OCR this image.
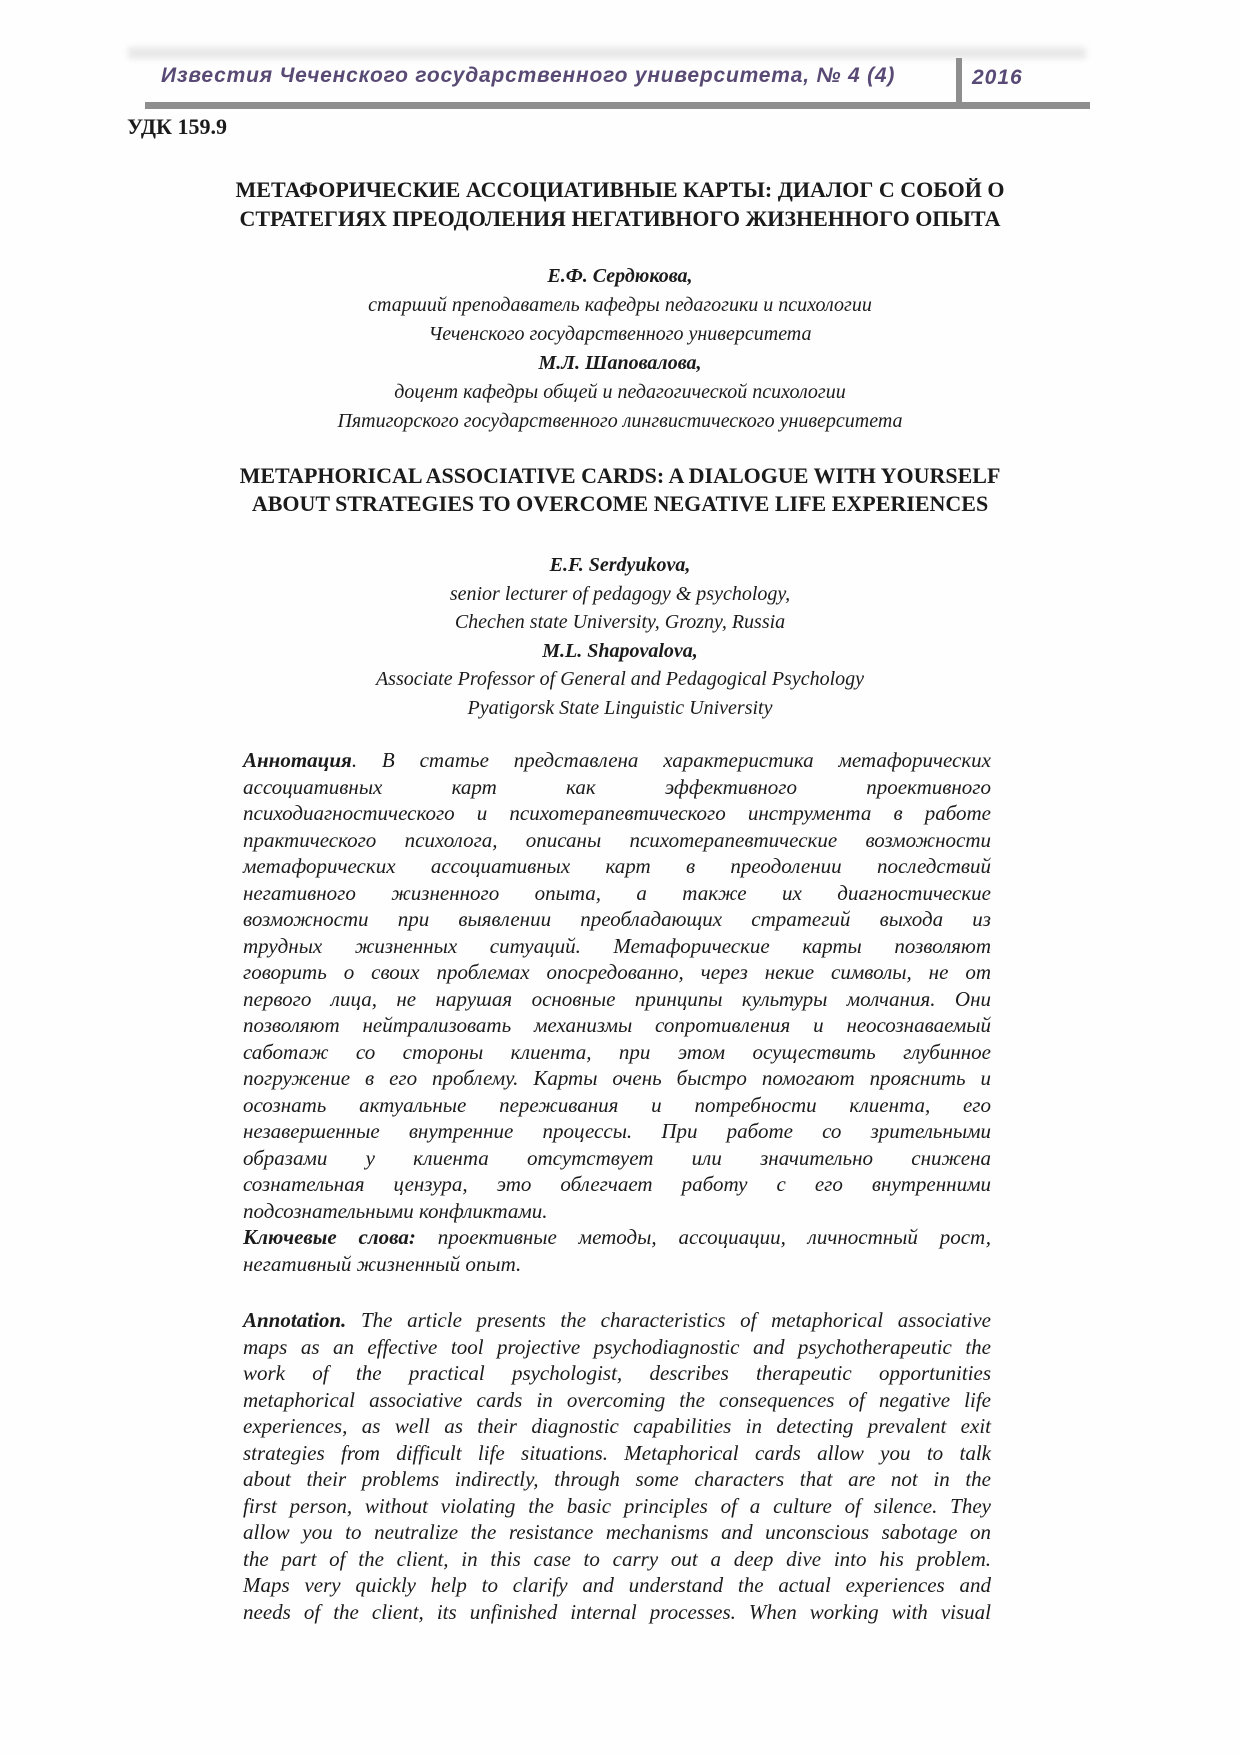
Известия Чеченского государственного университета, № 4 (4)	2016
УДК 159.9
МЕТАФОРИЧЕСКИЕ АССОЦИАТИВНЫЕ КАРТЫ: ДИАЛОГ С СОБОЙ О
СТРАТЕГИЯХ ПРЕОДОЛЕНИЯ НЕГАТИВНОГО ЖИЗНЕННОГО ОПЫТА
Е.Ф. Сердюкова,
старший преподаватель кафедры педагогики и психологии
Чеченского государственного университета
М.Л. Шаповалова,
доцент кафедры общей и педагогической психологии
Пятигорского государственного лингвистического университета
METAPHORICAL ASSOCIATIVE CARDS: A DIALOGUE WITH YOURSELF
ABOUT STRATEGIES TO OVERCOME NEGATIVE LIFE EXPERIENCES
E.F. Serdyukova,
senior lecturer of pedagogy & psychology,
Chechen state University, Grozny, Russia
M.L. Shapovalova,
Associate Professor of General and Pedagogical Psychology
Pyatigorsk State Linguistic University
Аннотация. В статье представлена характеристика метафорических
ассоциативных карт как эффективного проективного
психодиагностического и психотерапевтического инструмента в работе
практического психолога, описаны психотерапевтические возможности
метафорических ассоциативных карт в преодолении последствий
негативного жизненного опыта, а также их диагностические
возможности при выявлении преобладающих стратегий выхода из
трудных жизненных ситуаций. Метафорические карты позволяют
говорить о своих проблемах опосредованно, через некие символы, не от
первого лица, не нарушая основные принципы культуры молчания. Они
позволяют нейтрализовать механизмы сопротивления и неосознаваемый
саботаж со стороны клиента, при этом осуществить глубинное
погружение в его проблему. Карты очень быстро помогают прояснить и
осознать актуальные переживания и потребности клиента, его
незавершенные внутренние процессы. При работе со зрительными
образами у клиента отсутствует или значительно снижена
сознательная цензура, это облегчает работу с его внутренними
подсознательными конфликтами.
Ключевые слова: проективные методы, ассоциации, личностный рост,
негативный жизненный опыт.
Annotation. The article presents the characteristics of metaphorical associative
maps as an effective tool projective psychodiagnostic and psychotherapeutic the
work of the practical psychologist, describes therapeutic opportunities
metaphorical associative cards in overcoming the consequences of negative life
experiences, as well as their diagnostic capabilities in detecting prevalent exit
strategies from difficult life situations. Metaphorical cards allow you to talk
about their problems indirectly, through some characters that are not in the
first person, without violating the basic principles of a culture of silence. They
allow you to neutralize the resistance mechanisms and unconscious sabotage on
the part of the client, in this case to carry out a deep dive into his problem.
Maps very quickly help to clarify and understand the actual experiences and
needs of the client, its unfinished internal processes. When working with visual
